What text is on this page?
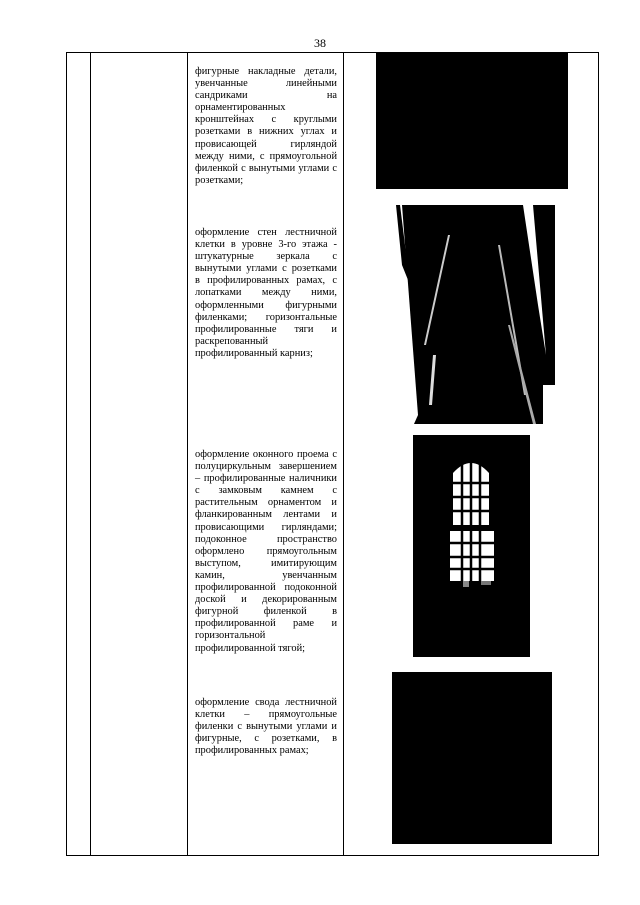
38
фигурные накладные детали, увенчанные линейными сандриками на орнаментированных кронштейнах с круглыми розетками в нижних углах и провисающей гирляндой между ними, с прямоугольной филенкой с вынутыми углами с розетками;
оформление стен лестничной клетки в уровне 3-го этажа - штукатурные зеркала с вынутыми углами с розетками в профилированных рамах, с лопатками между ними, оформленными фигурными филенками; горизонтальные профилированные тяги и раскрепованный профилированный карниз;
оформление оконного проема с полуциркульным завершением – профилированные наличники с замковым камнем с растительным орнаментом и фланкированным лентами и провисающими гирляндами; подоконное пространство оформлено прямоугольным выступом, имитирующим камин, увенчанным профилированной подоконной доской и декорированным фигурной филенкой в профилированной раме и горизонтальной профилированной тягой;
оформление свода лестничной клетки – прямоугольные филенки с вынутыми углами и фигурные, с розетками, в профилированных рамах;
